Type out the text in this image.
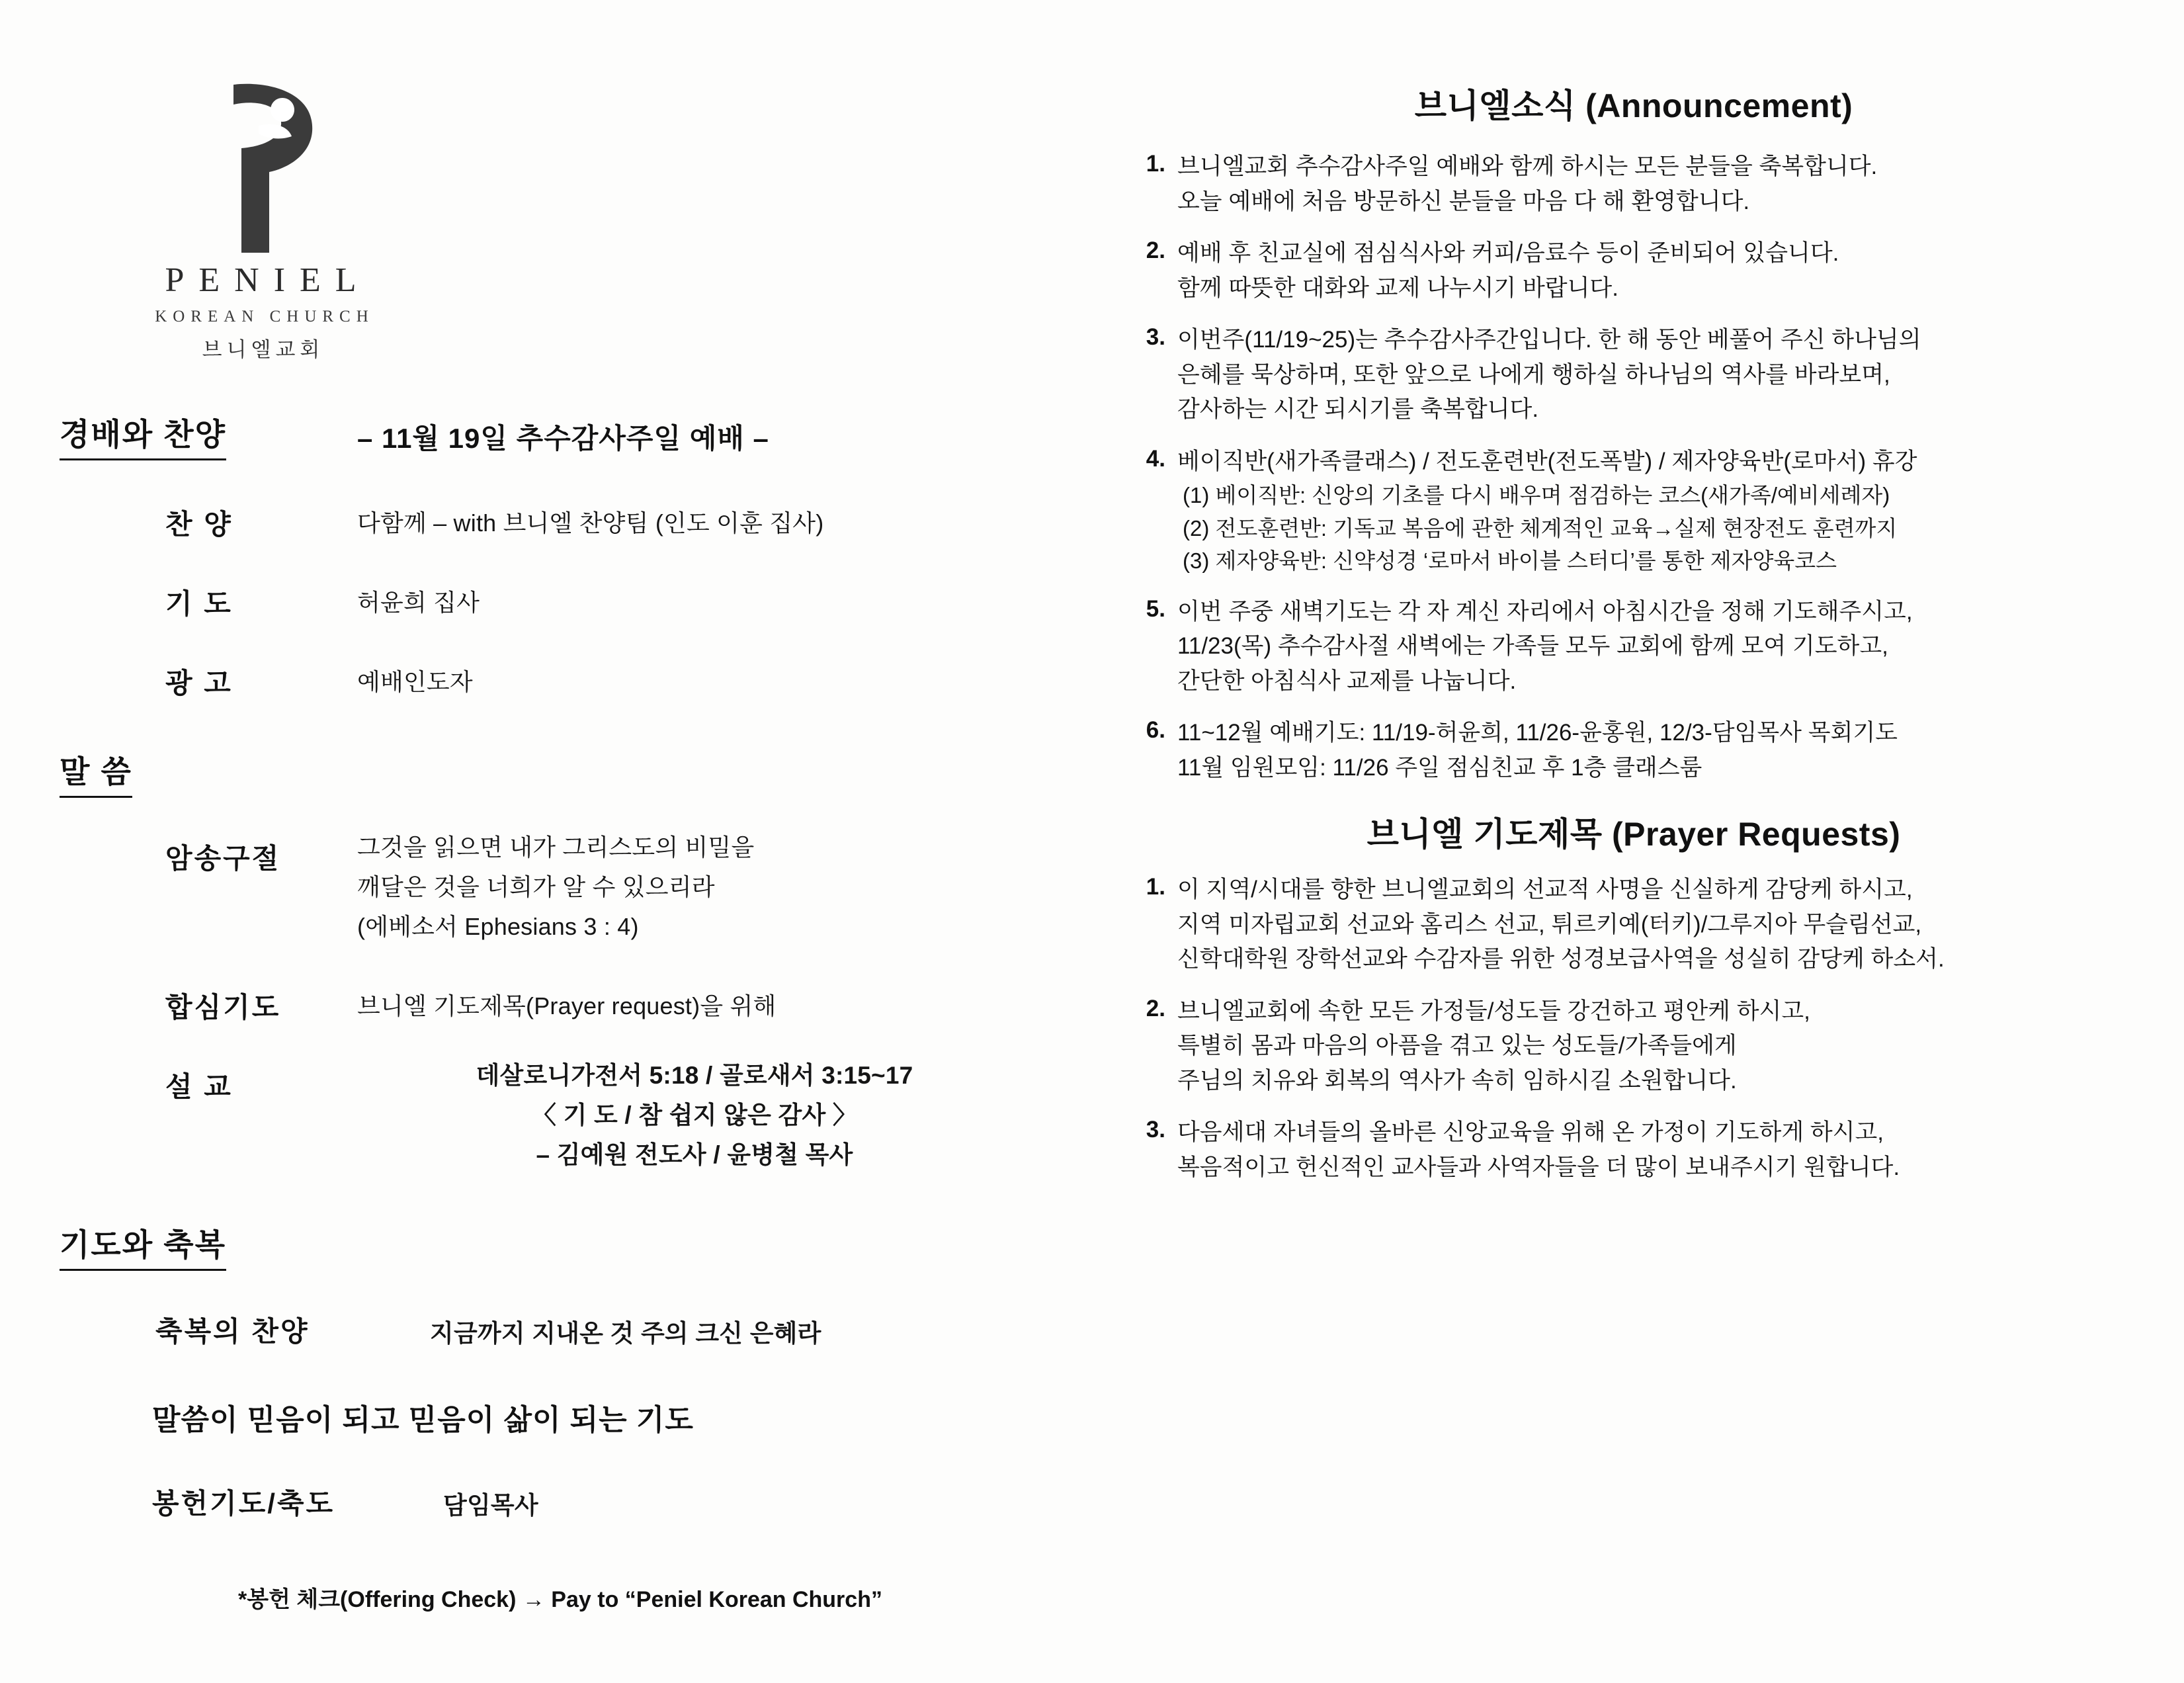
PENIEL
KOREAN CHURCH
브니엘교회
경배와 찬양	– 11월 19일 추수감사주일 예배 –
찬 양	다함께 – with 브니엘 찬양팀 (인도 이훈 집사)
기 도	허윤희 집사
광 고	예배인도자
말 씀
암송구절	그것을 읽으면 내가 그리스도의 비밀을
깨달은 것을 너희가 알 수 있으리라
(에베소서 Ephesians 3 : 4)
합심기도	브니엘 기도제목(Prayer request)을 위해
설 교	데살로니가전서 5:18 / 골로새서 3:15~17
〈 기 도 / 참 쉽지 않은 감사 〉
– 김예원 전도사 / 윤병철 목사
기도와 축복
축복의 찬양	지금까지 지내온 것 주의 크신 은혜라
말씀이 믿음이 되고 믿음이 삶이 되는 기도
봉헌기도/축도	담임목사
*봉헌 체크(Offering Check) → Pay to “Peniel Korean Church”
브니엘소식 (Announcement)
1. 브니엘교회 추수감사주일 예배와 함께 하시는 모든 분들을 축복합니다.
오늘 예배에 처음 방문하신 분들을 마음 다 해 환영합니다.
2. 예배 후 친교실에 점심식사와 커피/음료수 등이 준비되어 있습니다.
함께 따뜻한 대화와 교제 나누시기 바랍니다.
3. 이번주(11/19~25)는 추수감사주간입니다. 한 해 동안 베풀어 주신 하나님의
은혜를 묵상하며, 또한 앞으로 나에게 행하실 하나님의 역사를 바라보며,
감사하는 시간 되시기를 축복합니다.
4. 베이직반(새가족클래스) / 전도훈련반(전도폭발) / 제자양육반(로마서) 휴강
(1) 베이직반: 신앙의 기초를 다시 배우며 점검하는 코스(새가족/예비세례자)
(2) 전도훈련반: 기독교 복음에 관한 체계적인 교육→실제 현장전도 훈련까지
(3) 제자양육반: 신약성경 ‘로마서 바이블 스터디’를 통한 제자양육코스
5. 이번 주중 새벽기도는 각 자 계신 자리에서 아침시간을 정해 기도해주시고,
11/23(목) 추수감사절 새벽에는 가족들 모두 교회에 함께 모여 기도하고,
간단한 아침식사 교제를 나눕니다.
6. 11~12월 예배기도: 11/19-허윤희, 11/26-윤홍원, 12/3-담임목사 목회기도
11월 임원모임: 11/26 주일 점심친교 후 1층 클래스룸
브니엘 기도제목 (Prayer Requests)
1. 이 지역/시대를 향한 브니엘교회의 선교적 사명을 신실하게 감당케 하시고,
지역 미자립교회 선교와 홈리스 선교, 튀르키예(터키)/그루지아 무슬림선교,
신학대학원 장학선교와 수감자를 위한 성경보급사역을 성실히 감당케 하소서.
2. 브니엘교회에 속한 모든 가정들/성도들 강건하고 평안케 하시고,
특별히 몸과 마음의 아픔을 겪고 있는 성도들/가족들에게
주님의 치유와 회복의 역사가 속히 임하시길 소원합니다.
3. 다음세대 자녀들의 올바른 신앙교육을 위해 온 가정이 기도하게 하시고,
복음적이고 헌신적인 교사들과 사역자들을 더 많이 보내주시기 원합니다.
